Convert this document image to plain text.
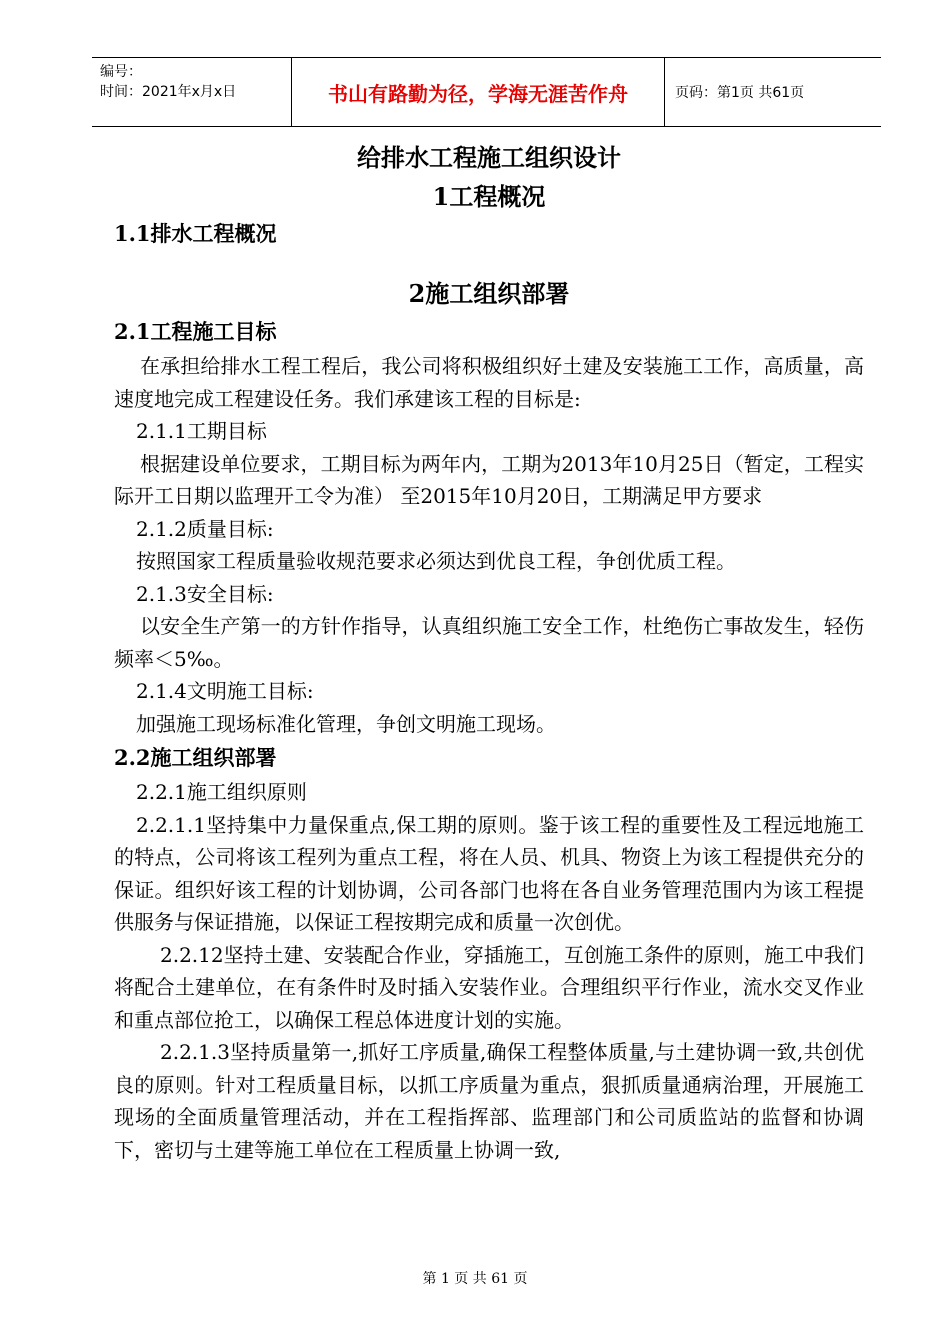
编号：
时间：2021年x月x日	书山有路勤为径，学海无涯苦作舟	页码：第1页 共61页

给排水工程施工组织设计

1工程概况

1.1排水工程概况

2施工组织部署

2.1工程施工目标

在承担给排水工程工程后，我公司将积极组织好土建及安装施工工作，高质量，高速度地完成工程建设任务。我们承建该工程的目标是:

2.1.1工期目标

根据建设单位要求，工期目标为两年内，工期为2013年10月25日（暂定，工程实际开工日期以监理开工令为准） 至2015年10月20日，工期满足甲方要求

2.1.2质量目标:

按照国家工程质量验收规范要求必须达到优良工程，争创优质工程。

2.1.3安全目标:

以安全生产第一的方针作指导，认真组织施工安全工作，杜绝伤亡事故发生，轻伤频率＜5‰。

2.1.4文明施工目标:

加强施工现场标准化管理，争创文明施工现场。

2.2施工组织部署

2.2.1施工组织原则

2.2.1.1坚持集中力量保重点,保工期的原则。鉴于该工程的重要性及工程远地施工的特点，公司将该工程列为重点工程，将在人员、机具、物资上为该工程提供充分的保证。组织好该工程的计划协调，公司各部门也将在各自业务管理范围内为该工程提供服务与保证措施，以保证工程按期完成和质量一次创优。

2.2.12坚持土建、安装配合作业，穿插施工，互创施工条件的原则，施工中我们将配合土建单位，在有条件时及时插入安装作业。合理组织平行作业，流水交叉作业和重点部位抢工，以确保工程总体进度计划的实施。

2.2.1.3坚持质量第一,抓好工序质量,确保工程整体质量,与土建协调一致,共创优良的原则。针对工程质量目标，以抓工序质量为重点，狠抓质量通病治理，开展施工现场的全面质量管理活动，并在工程指挥部、监理部门和公司质监站的监督和协调下，密切与土建等施工单位在工程质量上协调一致,

第 1 页 共 61 页
